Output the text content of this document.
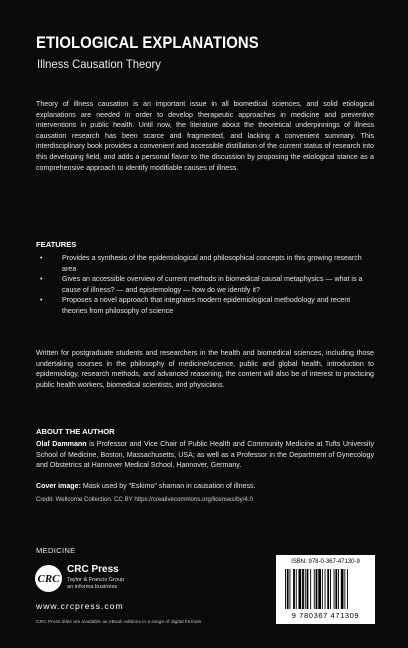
ETIOLOGICAL EXPLANATIONS
Illness Causation Theory
Theory of illness causation is an important issue in all biomedical sciences, and solid etiological explanations are needed in order to develop therapeutic approaches in medicine and preventive interventions in public health. Until now, the literature about the theoretical underpinnings of illness causation research has been scarce and fragmented, and lacking a convenient summary. This interdisciplinary book provides a convenient and accessible distillation of the current status of research into this developing field, and adds a personal flavor to the discussion by proposing the etiological stance as a comprehensive approach to identify modifiable causes of illness.
FEATURES
•	Provides a synthesis of the epidemiological and philosophical concepts in this growing research area
•	Gives an accessible overview of current methods in biomedical causal metaphysics — what is a cause of illness? — and epistemology — how do we identify it?
•	Proposes a novel approach that integrates modern epidemiological methodology and recent theories from philosophy of science
Written for postgraduate students and researchers in the health and biomedical sciences, including those undertaking courses in the philosophy of medicine/science, public and global health, introduction to epidemiology, research methods, and advanced reasoning, the content will also be of interest to practicing public health workers, biomedical scientists, and physicians.
ABOUT THE AUTHOR
Olaf Dammann is Professor and Vice Chair of Public Health and Community Medicine at Tufts University School of Medicine, Boston, Massachusetts, USA; as well as a Professor in the Department of Gynecology and Obstetrics at Hannover Medical School, Hannover, Germany.
Cover image: Mask used by "Eskimo" shaman in causation of illness.
Credit: Wellcome Collection. CC BY https://creativecommons.org/licenses/by/4.0
MEDICINE
CRC
CRC Press
Taylor & Francis Group
an informa business
www.crcpress.com
CRC Press titles are available as eBook editions in a range of digital formats
ISBN: 978-0-367-47130-9
9 780367 471309
